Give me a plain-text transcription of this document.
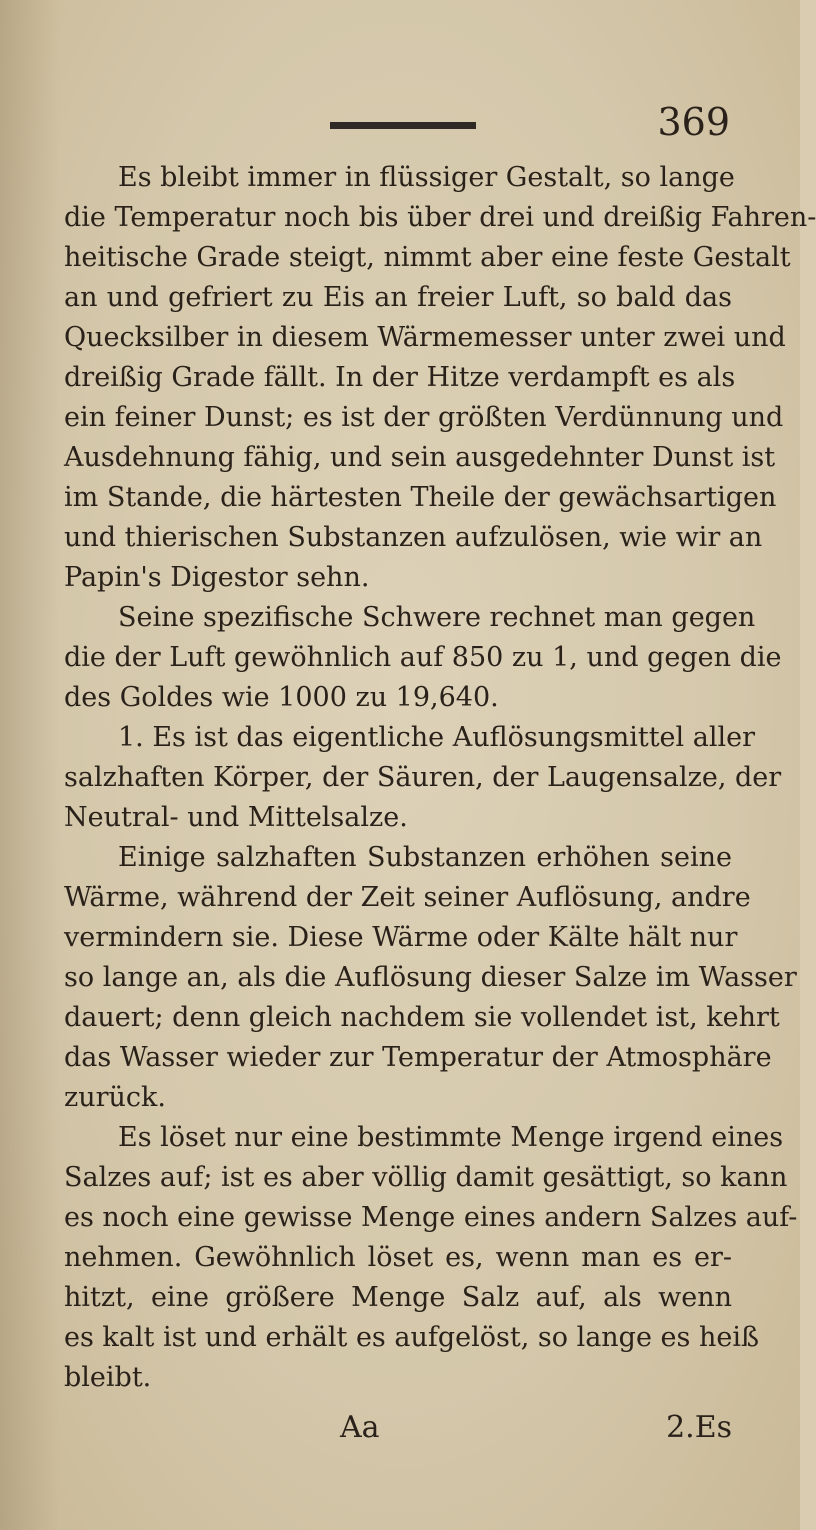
369
Es bleibt immer in flüssiger Gestalt, so lange
die Temperatur noch bis über drei und dreißig Fahren-
heitische Grade steigt, nimmt aber eine feste Gestalt
an und gefriert zu Eis an freier Luft, so bald das
Quecksilber in diesem Wärmemesser unter zwei und
dreißig Grade fällt. In der Hitze verdampft es als
ein feiner Dunst; es ist der größten Verdünnung und
Ausdehnung fähig, und sein ausgedehnter Dunst ist
im Stande, die härtesten Theile der gewächsartigen
und thierischen Substanzen aufzulösen, wie wir an
Papin's Digestor sehn.
Seine spezifische Schwere rechnet man gegen
die der Luft gewöhnlich auf 850 zu 1, und gegen die
des Goldes wie 1000 zu 19,640.
1. Es ist das eigentliche Auflösungsmittel aller
salzhaften Körper, der Säuren, der Laugensalze, der
Neutral- und Mittelsalze.
Einige salzhaften Substanzen erhöhen seine
Wärme, während der Zeit seiner Auflösung, andre
vermindern sie. Diese Wärme oder Kälte hält nur
so lange an, als die Auflösung dieser Salze im Wasser
dauert; denn gleich nachdem sie vollendet ist, kehrt
das Wasser wieder zur Temperatur der Atmosphäre
zurück.
Es löset nur eine bestimmte Menge irgend eines
Salzes auf; ist es aber völlig damit gesättigt, so kann
es noch eine gewisse Menge eines andern Salzes auf-
nehmen. Gewöhnlich löset es, wenn man es er-
hitzt, eine größere Menge Salz auf, als wenn
es kalt ist und erhält es aufgelöst, so lange es heiß
bleibt.
Aa	2.Es
